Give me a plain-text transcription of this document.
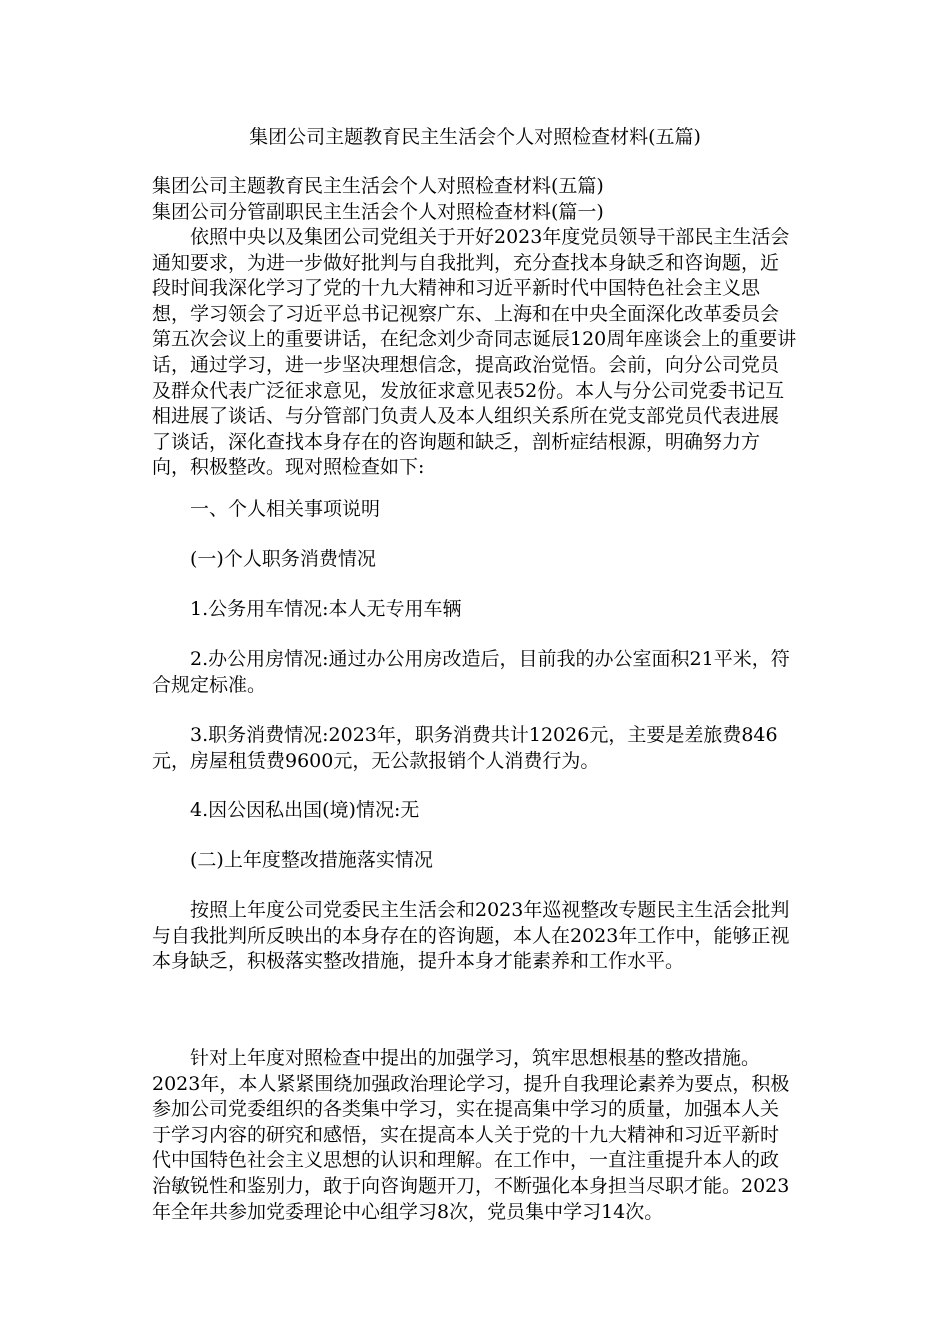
集团公司主题教育民主生活会个人对照检查材料(五篇)
集团公司主题教育民主生活会个人对照检查材料(五篇)
集团公司分管副职民主生活会个人对照检查材料(篇一)
依照中央以及集团公司党组关于开好2023年度党员领导干部民主生活会
通知要求，为进一步做好批判与自我批判，充分查找本身缺乏和咨询题，近
段时间我深化学习了党的十九大精神和习近平新时代中国特色社会主义思
想，学习领会了习近平总书记视察广东、上海和在中央全面深化改革委员会
第五次会议上的重要讲话，在纪念刘少奇同志诞辰120周年座谈会上的重要讲
话，通过学习，进一步坚决理想信念，提高政治觉悟。会前，向分公司党员
及群众代表广泛征求意见，发放征求意见表52份。本人与分公司党委书记互
相进展了谈话、与分管部门负责人及本人组织关系所在党支部党员代表进展
了谈话，深化查找本身存在的咨询题和缺乏，剖析症结根源，明确努力方
向，积极整改。现对照检查如下:
一、个人相关事项说明
(一)个人职务消费情况
1.公务用车情况:本人无专用车辆
2.办公用房情况:通过办公用房改造后，目前我的办公室面积21平米，符
合规定标准。
3.职务消费情况:2023年，职务消费共计12026元，主要是差旅费846
元，房屋租赁费9600元，无公款报销个人消费行为。
4.因公因私出国(境)情况:无
(二)上年度整改措施落实情况
按照上年度公司党委民主生活会和2023年巡视整改专题民主生活会批判
与自我批判所反映出的本身存在的咨询题，本人在2023年工作中，能够正视
本身缺乏，积极落实整改措施，提升本身才能素养和工作水平。
针对上年度对照检查中提出的加强学习，筑牢思想根基的整改措施。
2023年，本人紧紧围绕加强政治理论学习，提升自我理论素养为要点，积极
参加公司党委组织的各类集中学习，实在提高集中学习的质量，加强本人关
于学习内容的研究和感悟，实在提高本人关于党的十九大精神和习近平新时
代中国特色社会主义思想的认识和理解。在工作中，一直注重提升本人的政
治敏锐性和鉴别力，敢于向咨询题开刀，不断强化本身担当尽职才能。2023
年全年共参加党委理论中心组学习8次，党员集中学习14次。
